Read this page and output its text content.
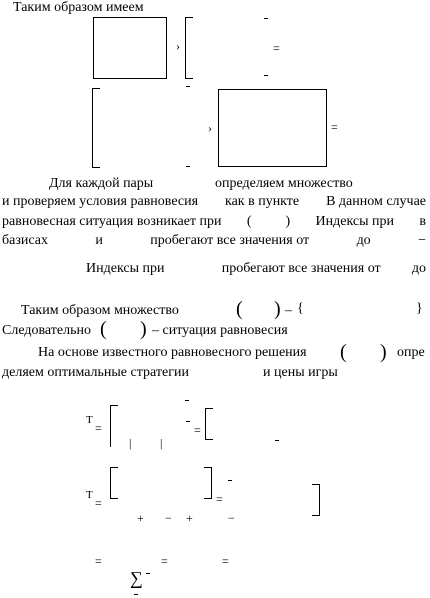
Таким образом имеем
›	=
›	=
Для каждой пары	определяем множество
и проверяем условия равновесия как в пункте В данном случае
равновесная ситуация возникает при ( ) Индексы при в
базисах	и	пробегают все значения от	до	−
Индексы при	пробегают все значения от до
Таким образом множество	( ) – {	}
Следовательно ( ) – ситуация равновесия
На основе известного равновесного решения ( ) опре
деляем оптимальные стратегии	и цены игры
T
=	=
| |
T
=	=
+ − +	−
=	=	=
∑
